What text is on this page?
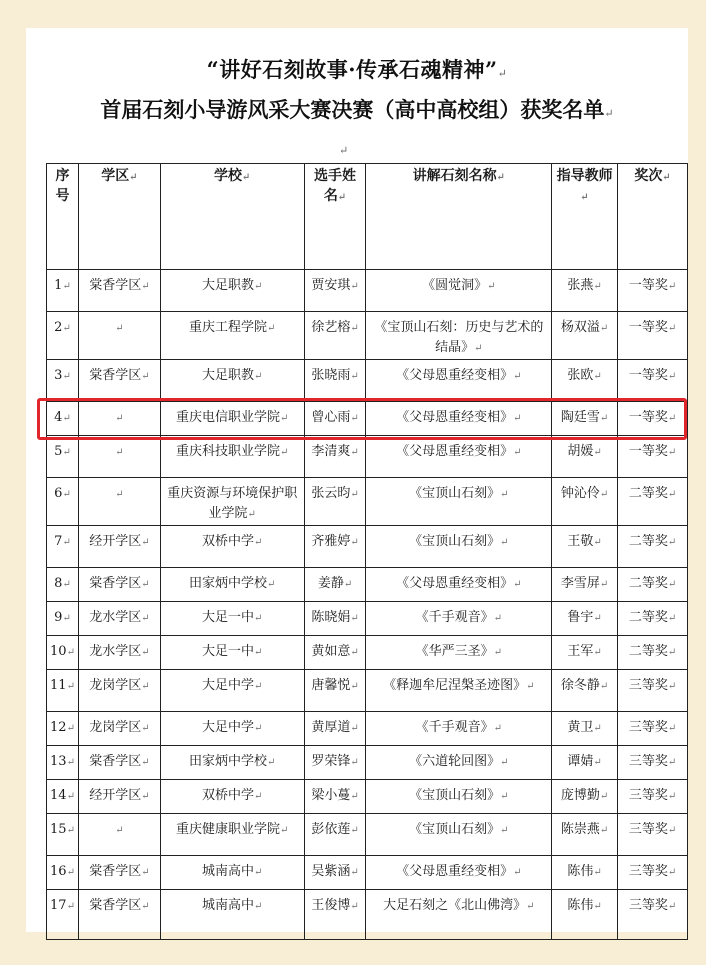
“讲好石刻故事·传承石魂精神”↵
首届石刻小导游风采大赛决赛（高中高校组）获奖名单↵
↵
序号	学区↵	学校↵	选手姓名↵	讲解石刻名称↵	指导教师↵	奖次↵
1↵	棠香学区↵	大足职教↵	贾安琪↵	《圆觉洞》↵	张燕↵	一等奖↵
2↵	↵	重庆工程学院↵	徐艺榕↵	《宝顶山石刻：历史与艺术的结晶》↵	杨双溢↵	一等奖↵
3↵	棠香学区↵	大足职教↵	张晓雨↵	《父母恩重经变相》↵	张欧↵	一等奖↵
4↵	↵	重庆电信职业学院↵	曾心雨↵	《父母恩重经变相》↵	陶廷雪↵	一等奖↵
5↵	↵	重庆科技职业学院↵	李清爽↵	《父母恩重经变相》↵	胡媛↵	一等奖↵
6↵	↵	重庆资源与环境保护职业学院↵	张云昀↵	《宝顶山石刻》↵	钟沁伶↵	二等奖↵
7↵	经开学区↵	双桥中学↵	齐雅婷↵	《宝顶山石刻》↵	王敬↵	二等奖↵
8↵	棠香学区↵	田家炳中学校↵	姜静↵	《父母恩重经变相》↵	李雪屏↵	二等奖↵
9↵	龙水学区↵	大足一中↵	陈晓娟↵	《千手观音》↵	鲁宇↵	二等奖↵
10↵	龙水学区↵	大足一中↵	黄如意↵	《华严三圣》↵	王军↵	二等奖↵
11↵	龙岗学区↵	大足中学↵	唐馨悦↵	《释迦牟尼涅槃圣迹图》↵	徐冬静↵	三等奖↵
12↵	龙岗学区↵	大足中学↵	黄厚道↵	《千手观音》↵	黄卫↵	三等奖↵
13↵	棠香学区↵	田家炳中学校↵	罗荣锋↵	《六道轮回图》↵	谭婧↵	三等奖↵
14↵	经开学区↵	双桥中学↵	梁小蔓↵	《宝顶山石刻》↵	庞博勤↵	三等奖↵
15↵	↵	重庆健康职业学院↵	彭依莲↵	《宝顶山石刻》↵	陈崇燕↵	三等奖↵
16↵	棠香学区↵	城南高中↵	吴紫涵↵	《父母恩重经变相》↵	陈伟↵	三等奖↵
17↵	棠香学区↵	城南高中↵	王俊博↵	大足石刻之《北山佛湾》↵	陈伟↵	三等奖↵
